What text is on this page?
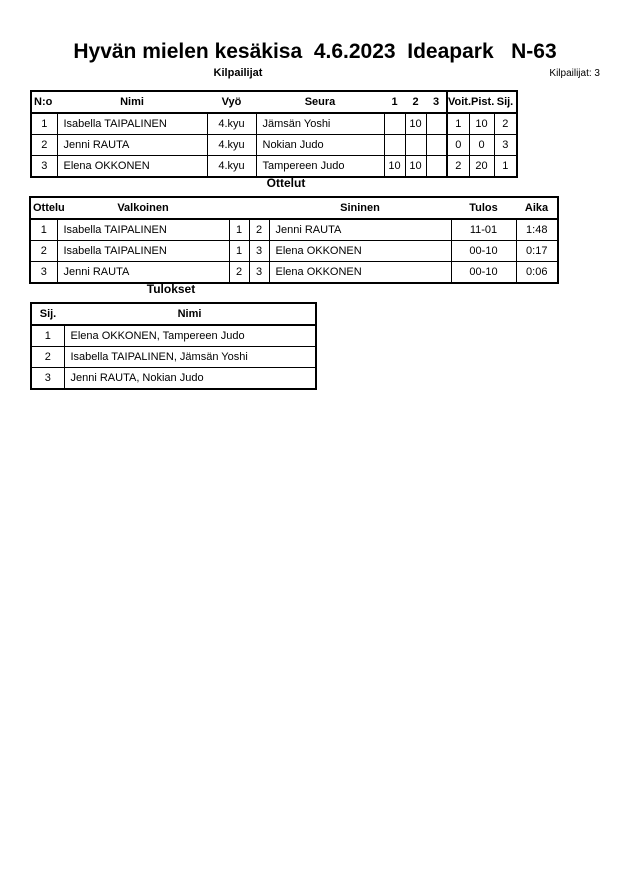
Hyvän mielen kesäkisa  4.6.2023  Ideapark   N-63
Kilpailijat	Kilpailijat: 3
N:o	Nimi	Vyö	Seura	1	2	3	Voit.Pist.		Sij.
1	Isabella TAIPALINEN	4.kyu	Jämsän Yoshi		10		1	10	2
2	Jenni RAUTA	4.kyu	Nokian Judo				0	0	3
3	Elena OKKONEN	4.kyu	Tampereen Judo	10	10		2	20	1
Ottelut
Ottelu	Valkoinen			Sininen	Tulos	Aika
1	Isabella TAIPALINEN	1	2	Jenni RAUTA	11-01	1:48
2	Isabella TAIPALINEN	1	3	Elena OKKONEN	00-10	0:17
3	Jenni RAUTA	2	3	Elena OKKONEN	00-10	0:06
Tulokset
Sij.	Nimi
1	Elena OKKONEN, Tampereen Judo
2	Isabella TAIPALINEN, Jämsän Yoshi
3	Jenni RAUTA, Nokian Judo
